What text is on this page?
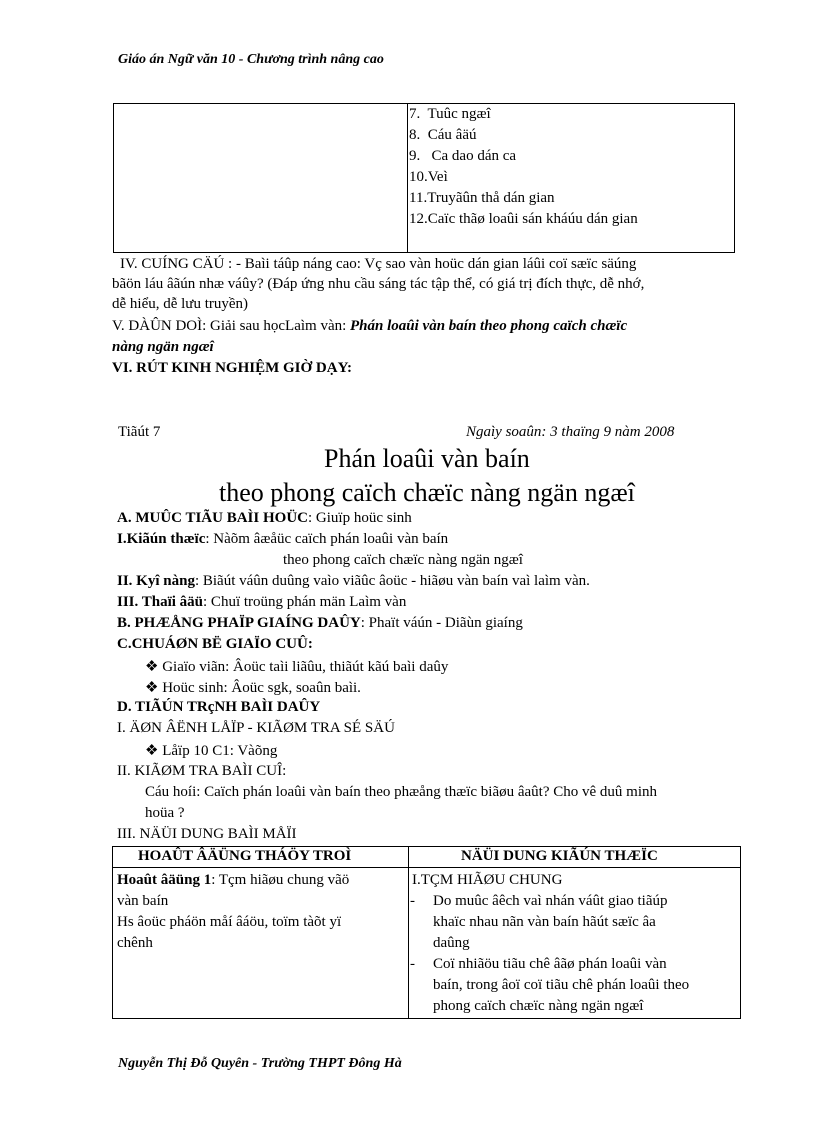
Giáo án Ngữ văn 10 - Chương trình nâng cao
7. Tuûc ngæî
8. Cáu âäú
9. Ca dao dán ca
10.Veì
11.Truyãûn thå dán gian
12.Caïc thãø loaûi sán kháúu dán gian
IV. CUÍNG CÄÚ : - Baìi táûp náng cao: Vç sao vàn hoüc dán gian láûi coï sæïc säúng
bãön láu âãún nhæ váûy? (Đáp ứng nhu cầu sáng tác tập thể, có giá trị đích thực, dễ nhớ,
dễ hiểu, dễ lưu truyền)
V. DÀÛN DOÌ: Giải sau họcLaìm vàn: Phán loaûi vàn baín theo phong caïch chæïc
nàng ngän ngæî
VI. RÚT KINH NGHIỆM GIỜ DẠY:
Tiãút 7	Ngaìy soaûn: 3 thaïng 9 nàm 2008
Phán loaûi vàn baín
theo phong caïch chæïc nàng ngän ngæî
A. MUÛC TIÃU BAÌI HOÜC: Giuïp hoüc sinh
I.Kiãún thæïc: Nàõm âæåüc caïch phán loaûi vàn baín
theo phong caïch chæïc nàng ngän ngæî
II. Kyî nàng: Biãút váûn duûng vaìo viãûc âoüc - hiãøu vàn baín vaì laìm vàn.
III. Thaïi âäü: Chuï troüng phán män Laìm vàn
B. PHÆÅNG PHAÏP GIAÍNG DAÛY: Phaït váún - Diãùn giaíng
C.CHUÁØN BË GIAÏO CUÛ:
❖ Giaïo viãn: Âoüc taìi liãûu, thiãút kãú baìi daûy
❖ Hoüc sinh: Âoüc sgk, soaûn baìi.
D. TIÃÚN TRçNH BAÌI DAÛY
I. ÄØN ÂËNH LÅÏP - KIÃØM TRA SÉ SÄÚ
❖ Låïp 10 C1: Vàõng
II. KIÃØM TRA BAÌI CUÎ:
Cáu hoíi: Caïch phán loaûi vàn baín theo phæång thæïc biãøu âaût? Cho vê duû minh
hoüa ?
III. NÄÜI DUNG BAÌI MÅÏI
HOAÛT ÂÄÜNG THÁÖY TROÌ	NÄÜI DUNG KIÃÚN THÆÏC
Hoaût âäüng 1: Tçm hiãøu chung vãö
vàn baín
Hs âoüc pháön måí âáöu, toïm tàõt yï
chênh
I.TÇM HIÃØU CHUNG
- Do muûc âêch vaì nhán váût giao tiãúp
khaïc nhau nãn vàn baín hãút sæïc âa
daûng
- Coï nhiãöu tiãu chê âãø phán loaûi vàn
baín, trong âoï coï tiãu chê phán loaûi theo
phong caïch chæïc nàng ngän ngæî
Nguyễn Thị Đỗ Quyên - Trường THPT Đông Hà
